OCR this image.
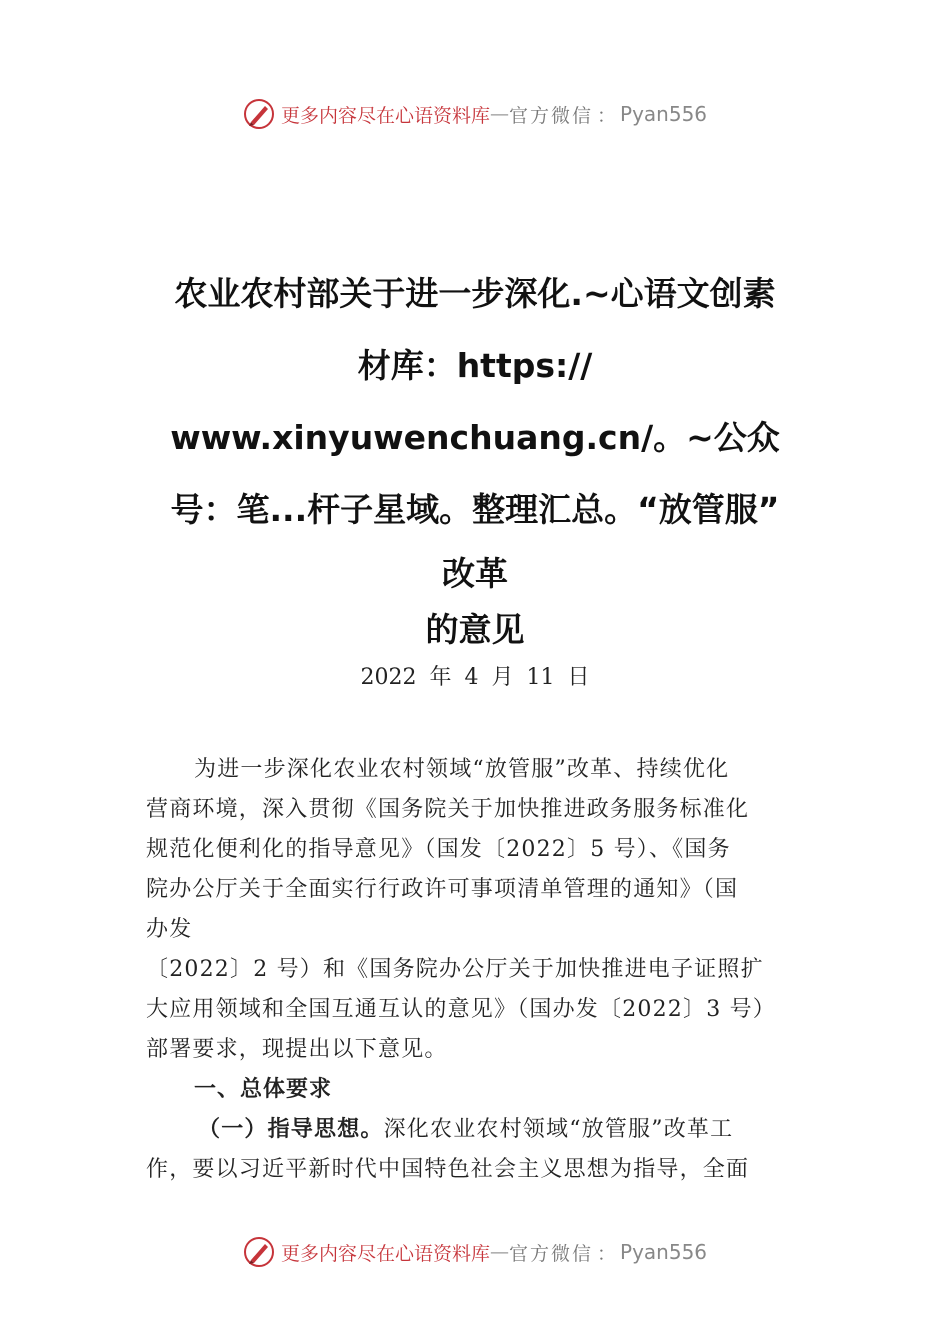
更多内容尽在心语资料库 — 官方微信 ： Pyan556
农业农村部关于进一步深化.~心语文创素
材库：https://
www.xinyuwenchuang.cn/。~公众
号：笔...杆子星域。整理汇总。“放管服”
改革
的意见
2022 年 4 月 11 日
为进一步深化农业农村领域“放管服”改革、持续优化
营商环境，深入贯彻《国务院关于加快推进政务服务标准化
规范化便利化的指导意见》（国发〔2022〕5 号）、《国务
院办公厅关于全面实行行政许可事项清单管理的通知》（国
办发
〔2022〕2 号）和《国务院办公厅关于加快推进电子证照扩
大应用领域和全国互通互认的意见》（国办发〔2022〕3 号）
部署要求，现提出以下意见。
一、总体要求
（一）指导思想。深化农业农村领域“放管服”改革工
作，要以习近平新时代中国特色社会主义思想为指导，全面
更多内容尽在心语资料库 — 官方微信 ： Pyan556
